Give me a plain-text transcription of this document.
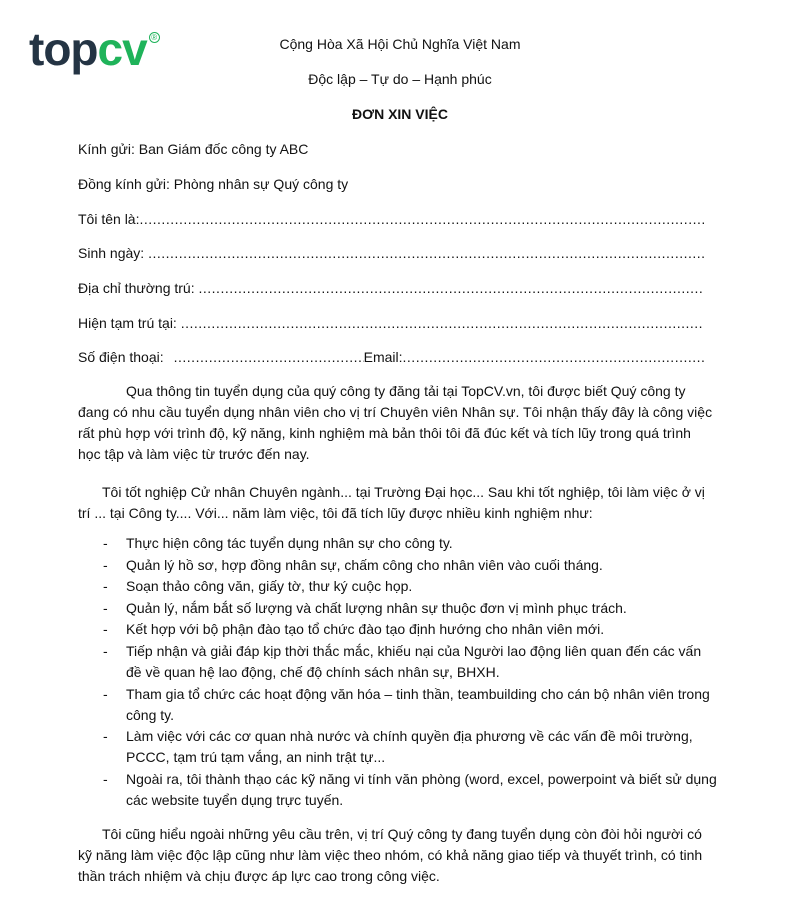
top cv ®	Cộng Hòa Xã Hội Chủ Nghĩa Việt Nam
Độc lập – Tự do – Hạnh phúc
ĐƠN XIN VIỆC
Kính gửi: Ban Giám đốc công ty ABC
Đồng kính gửi: Phòng nhân sự Quý công ty
Tôi tên là:
.....
Sinh ngày:
.....
Địa chỉ thường trú:
.....
Hiện tạm trú tại:
.....
Số điện thoại:
.....	Email:
.....
Qua thông tin tuyển dụng của quý công ty đăng tải tại TopCV.vn, tôi được biết Quý công ty đang có nhu cầu tuyển dụng nhân viên cho vị trí Chuyên viên Nhân sự. Tôi nhận thấy đây là công việc rất phù hợp với trình độ, kỹ năng, kinh nghiệm mà bản thôi tôi đã đúc kết và tích lũy trong quá trình học tập và làm việc từ trước đến nay.
Tôi tốt nghiệp Cử nhân Chuyên ngành... tại Trường Đại học... Sau khi tốt nghiệp, tôi làm việc ở vị trí ... tại Công ty.... Với... năm làm việc, tôi đã tích lũy được nhiều kinh nghiệm như:
-	Thực hiện công tác tuyển dụng nhân sự cho công ty.
-	Quản lý hồ sơ, hợp đồng nhân sự, chấm công cho nhân viên vào cuối tháng.
-	Soạn thảo công văn, giấy tờ, thư ký cuộc họp.
-	Quản lý, nắm bắt số lượng và chất lượng nhân sự thuộc đơn vị mình phục trách.
-	Kết hợp với bộ phận đào tạo tổ chức đào tạo định hướng cho nhân viên mới.
-	Tiếp nhận và giải đáp kịp thời thắc mắc, khiếu nại của Người lao động liên quan đến các vấn đề về quan hệ lao động, chế độ chính sách nhân sự, BHXH.
-	Tham gia tổ chức các hoạt động văn hóa – tinh thần, teambuilding cho cán bộ nhân viên trong công ty.
-	Làm việc với các cơ quan nhà nước và chính quyền địa phương về các vấn đề môi trường, PCCC, tạm trú tạm vắng, an ninh trật tự...
-	Ngoài ra, tôi thành thạo các kỹ năng vi tính văn phòng (word, excel, powerpoint và biết sử dụng các website tuyển dụng trực tuyến.
Tôi cũng hiểu ngoài những yêu cầu trên, vị trí Quý công ty đang tuyển dụng còn đòi hỏi người có kỹ năng làm việc độc lập cũng như làm việc theo nhóm, có khả năng giao tiếp và thuyết trình, có tinh thần trách nhiệm và chịu được áp lực cao trong công việc.
